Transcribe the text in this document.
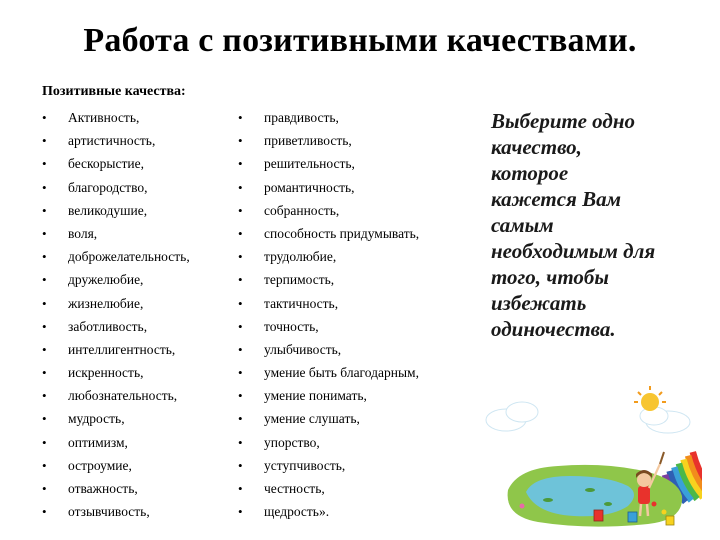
Работа с позитивными качествами.
Позитивные качества:
• Активность,
• артистичность,
• бескорыстие,
• благородство,
• великодушие,
• воля,
• доброжелательность,
• дружелюбие,
• жизнелюбие,
• заботливость,
• интеллигентность,
• искренность,
• любознательность,
• мудрость,
• оптимизм,
• остроумие,
• отважность,
• отзывчивость,
• правдивость,
• приветливость,
• решительность,
• романтичность,
• собранность,
• способность придумывать,
• трудолюбие,
• терпимость,
• тактичность,
• точность,
• улыбчивость,
• умение быть благодарным,
• умение понимать,
• умение слушать,
• упорство,
• уступчивость,
• честность,
• щедрость».
Выберите одно
качество,
которое
кажется Вам
самым
необходимым для
того, чтобы
избежать
одиночества.
